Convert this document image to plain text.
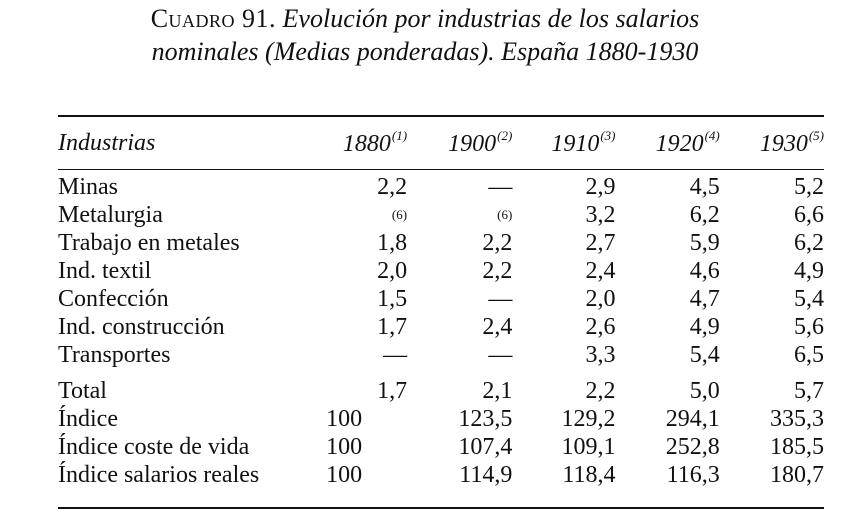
Cuadro 91. Evolución por industrias de los salarios
nominales (Medias ponderadas). España 1880-1930
Industrias	1880$^{(1)}$	1900$^{(2)}$	1910$^{(3)}$	1920$^{(4)}$	1930$^{(5)}$
Minas	2,2	—	2,9	4,5	5,2
Metalurgia	(6)	(6)	3,2	6,2	6,6
Trabajo en metales	1,8	2,2	2,7	5,9	6,2
Ind. textil	2,0	2,2	2,4	4,6	4,9
Confección	1,5	—	2,0	4,7	5,4
Ind. construcción	1,7	2,4	2,6	4,9	5,6
Transportes	—	—	3,3	5,4	6,5
Total	1,7	2,1	2,2	5,0	5,7
Índice	100	123,5	129,2	294,1	335,3
Índice coste de vida	100	107,4	109,1	252,8	185,5
Índice salarios reales	100	114,9	118,4	116,3	180,7
